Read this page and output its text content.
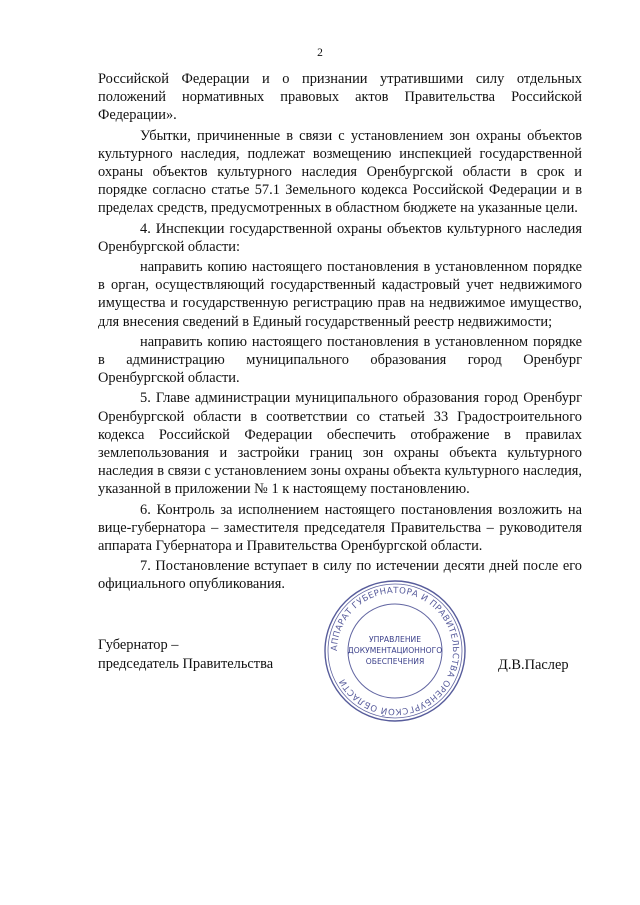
2

Российской Федерации и о признании утратившими силу отдельных положений нормативных правовых актов Правительства Российской Федерации».

Убытки, причиненные в связи с установлением зон охраны объектов культурного наследия, подлежат возмещению инспекцией государственной охраны объектов культурного наследия Оренбургской области в срок и порядке согласно статье 57.1 Земельного кодекса Российской Федерации и в пределах средств, предусмотренных в областном бюджете на указанные цели.

4. Инспекции государственной охраны объектов культурного наследия Оренбургской области:

направить копию настоящего постановления в установленном порядке в орган, осуществляющий государственный кадастровый учет недвижимого имущества и государственную регистрацию прав на недвижимое имущество, для внесения сведений в Единый государственный реестр недвижимости;

направить копию настоящего постановления в установленном порядке в администрацию муниципального образования город Оренбург Оренбургской области.

5. Главе администрации муниципального образования город Оренбург Оренбургской области в соответствии со статьей 33 Градостроительного кодекса Российской Федерации обеспечить отображение в правилах землепользования и застройки границ зон охраны объекта культурного наследия в связи с установлением зоны охраны объекта культурного наследия, указанной в приложении № 1 к настоящему постановлению.

6. Контроль за исполнением настоящего постановления возложить на вице-губернатора – заместителя председателя Правительства – руководителя аппарата Губернатора и Правительства Оренбургской области.

7. Постановление вступает в силу по истечении десяти дней после его официального опубликования.

Губернатор –
председатель Правительства
АППАРАТ ГУБЕРНАТОРА И ПРАВИТЕЛЬСТВА ОРЕНБУРГСКОЙ ОБЛАСТИ
УПРАВЛЕНИЕ
ДОКУМЕНТАЦИОННОГО
ОБЕСПЕЧЕНИЯ	Д.В.Паслер
